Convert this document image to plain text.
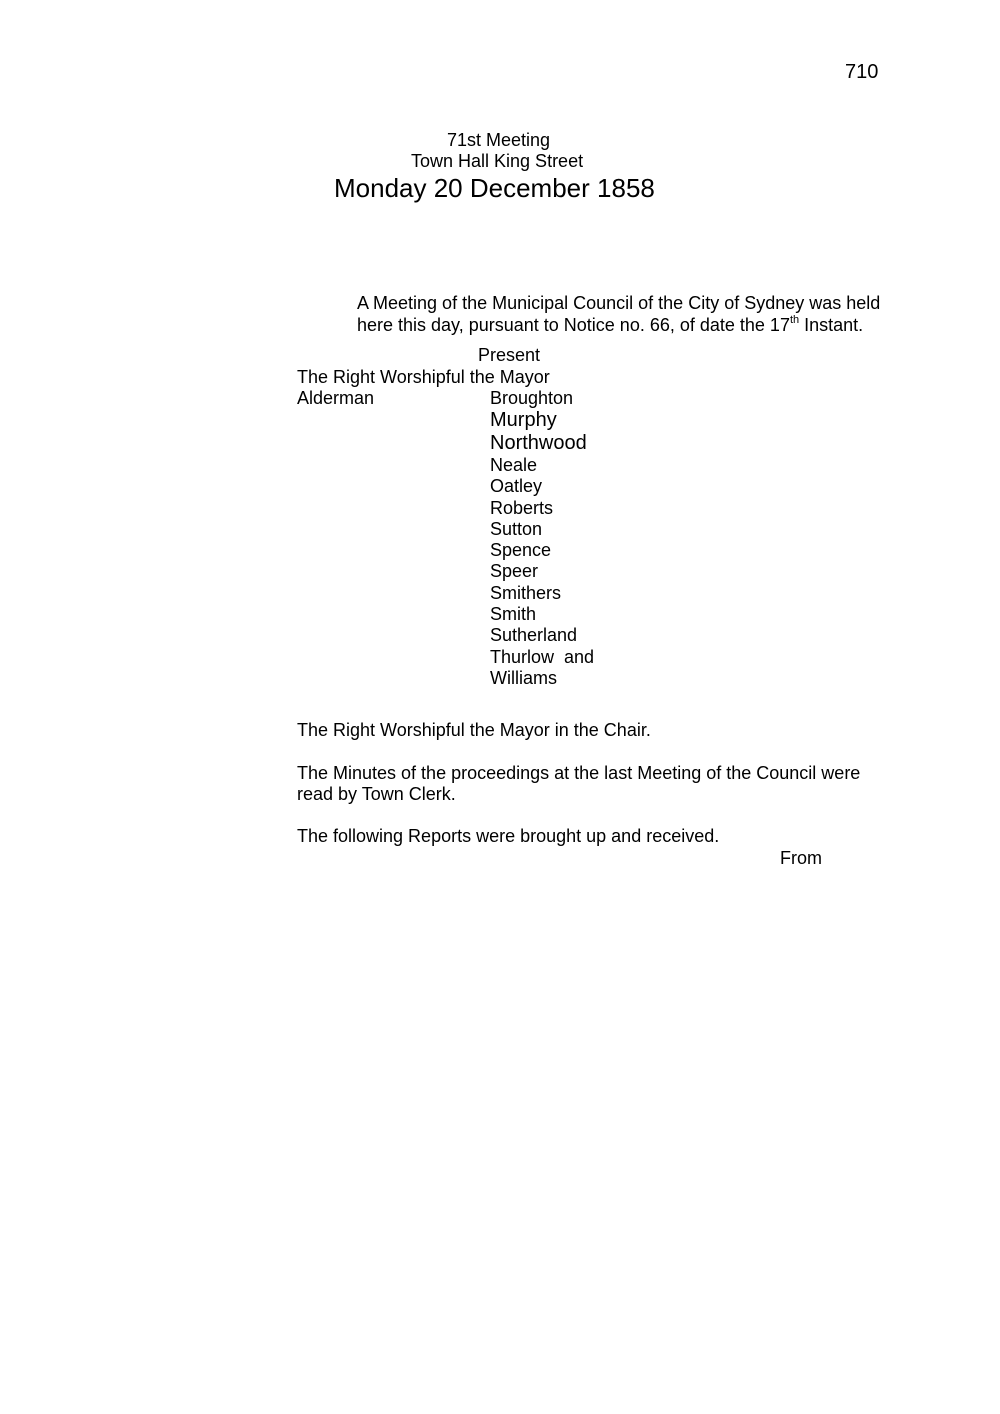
710
71st Meeting
Town Hall King Street
Monday 20 December 1858
A Meeting of the Municipal Council of the City of Sydney was held
here this day, pursuant to Notice no. 66, of date the 17th Instant.
Present
The Right Worshipful the Mayor
Alderman	Broughton
Murphy
Northwood
Neale
Oatley
Roberts
Sutton
Spence
Speer
Smithers
Smith
Sutherland
Thurlow  and
Williams
The Right Worshipful the Mayor in the Chair.
The Minutes of the proceedings at the last Meeting of the Council were
read by Town Clerk.
The following Reports were brought up and received.
From
